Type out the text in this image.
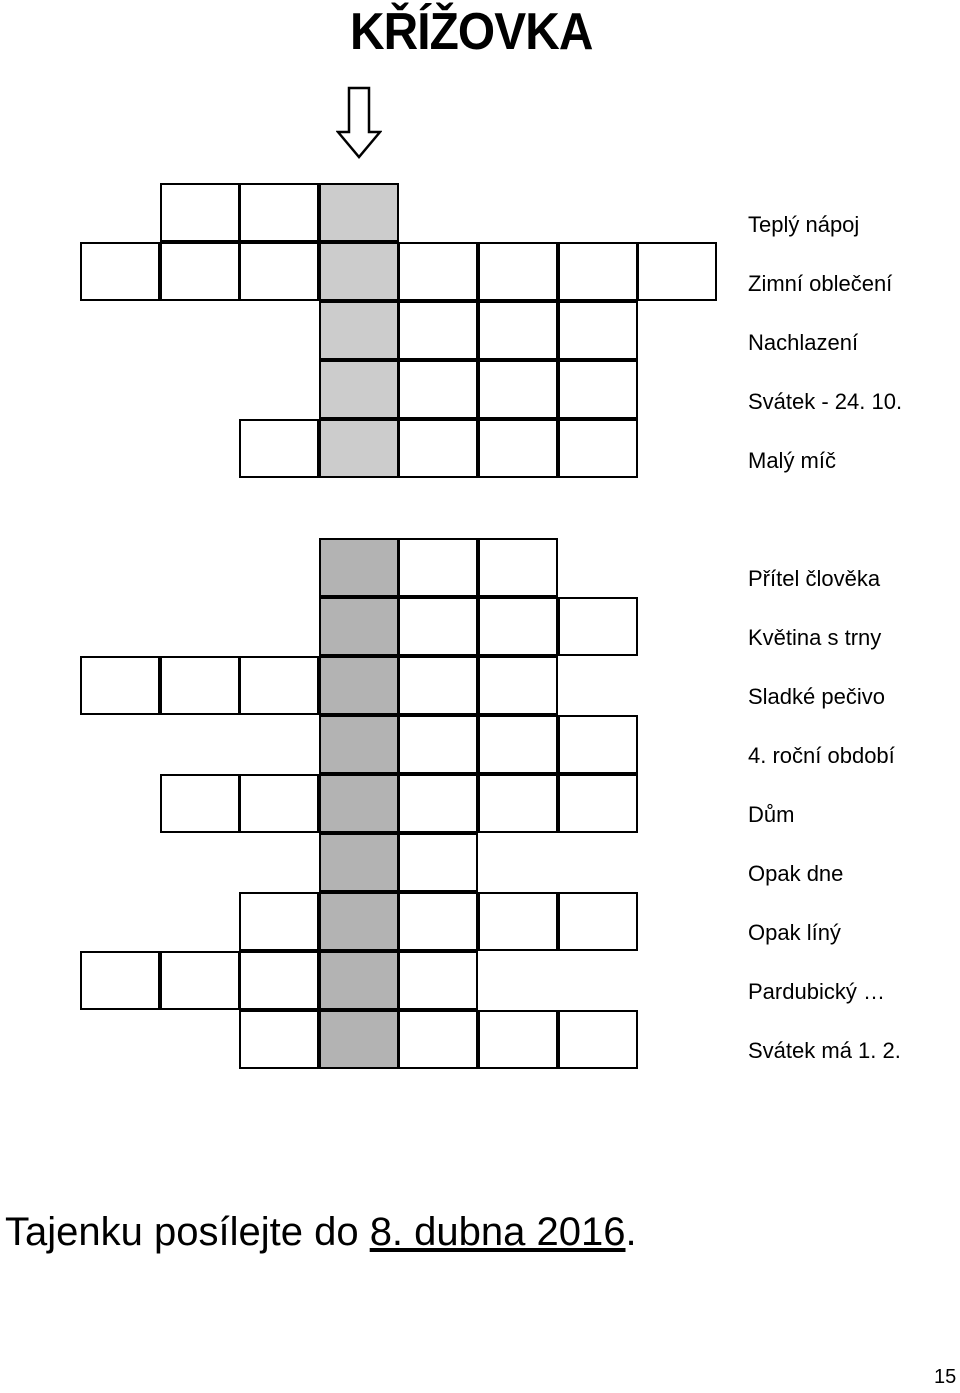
KŘÍŽOVKA
Teplý nápoj
Zimní oblečení
Nachlazení
Svátek - 24. 10.
Malý míč
Přítel člověka
Květina s trny
Sladké pečivo
4. roční období
Dům
Opak dne
Opak líný
Pardubický …
Svátek má 1. 2.
Tajenku posílejte do 8. dubna 2016.
15
